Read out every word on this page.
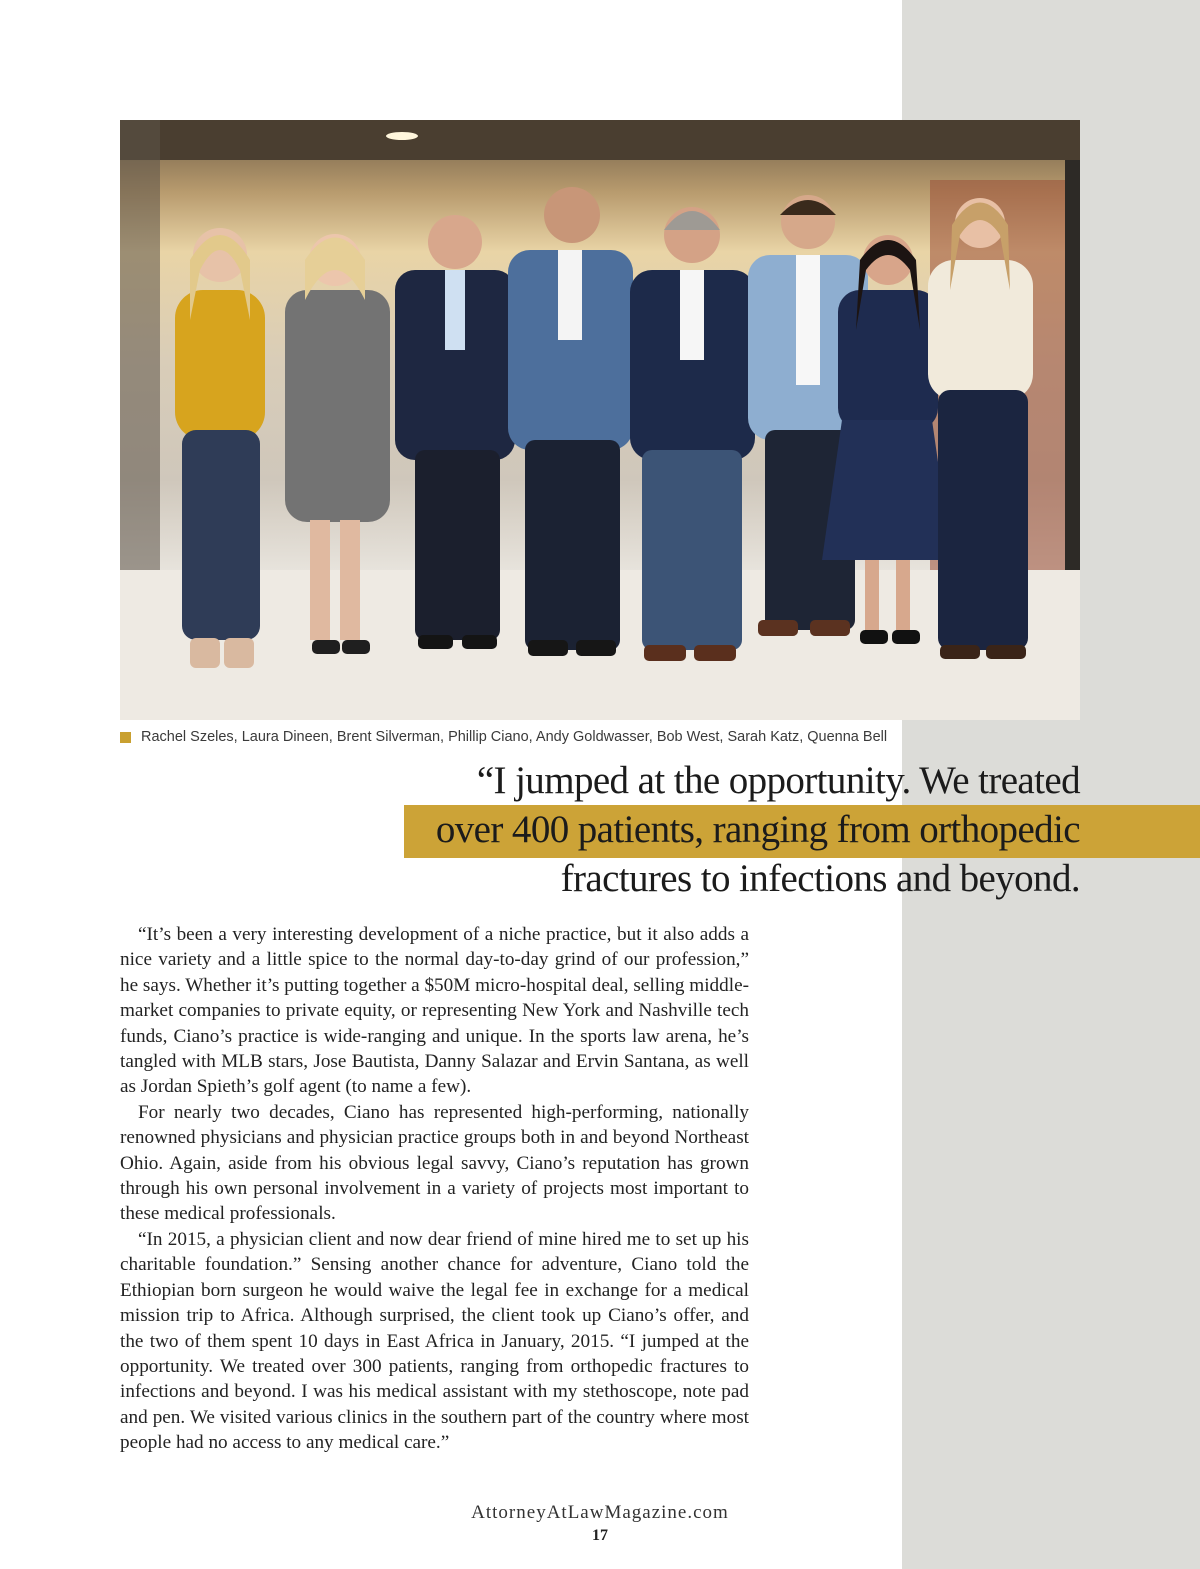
Rachel Szeles, Laura Dineen, Brent Silverman, Phillip Ciano, Andy Goldwasser, Bob West, Sarah Katz, Quenna Bell
“I jumped at the opportunity. We treated
over 400 patients, ranging from orthopedic
fractures to infections and beyond.

“It’s been a very interesting development of a niche practice, but it also adds a nice variety and a little spice to the normal day-to-day grind of our profession,” he says. Whether it’s putting together a $50M micro-hospital deal, selling middle-market companies to private equity, or representing New York and Nashville tech funds, Ciano’s practice is wide-ranging and unique. In the sports law arena, he’s tangled with MLB stars, Jose Bautista, Danny Salazar and Ervin Santana, as well as Jordan Spieth’s golf agent (to name a few).

For nearly two decades, Ciano has represented high-performing, nationally renowned physicians and physician practice groups both in and beyond Northeast Ohio. Again, aside from his obvious legal savvy, Ciano’s reputation has grown through his own personal involvement in a variety of projects most important to these medical professionals.

“In 2015, a physician client and now dear friend of mine hired me to set up his charitable foundation.” Sensing another chance for adventure, Ciano told the Ethiopian born surgeon he would waive the legal fee in exchange for a medical mission trip to Africa. Although surprised, the client took up Ciano’s offer, and the two of them spent 10 days in East Africa in January, 2015. “I jumped at the opportunity. We treated over 300 patients, ranging from orthopedic fractures to infections and beyond. I was his medical assistant with my stethoscope, note pad and pen. We visited various clinics in the southern part of the country where most people had no access to any medical care.”

AttorneyAtLawMagazine.com
17
